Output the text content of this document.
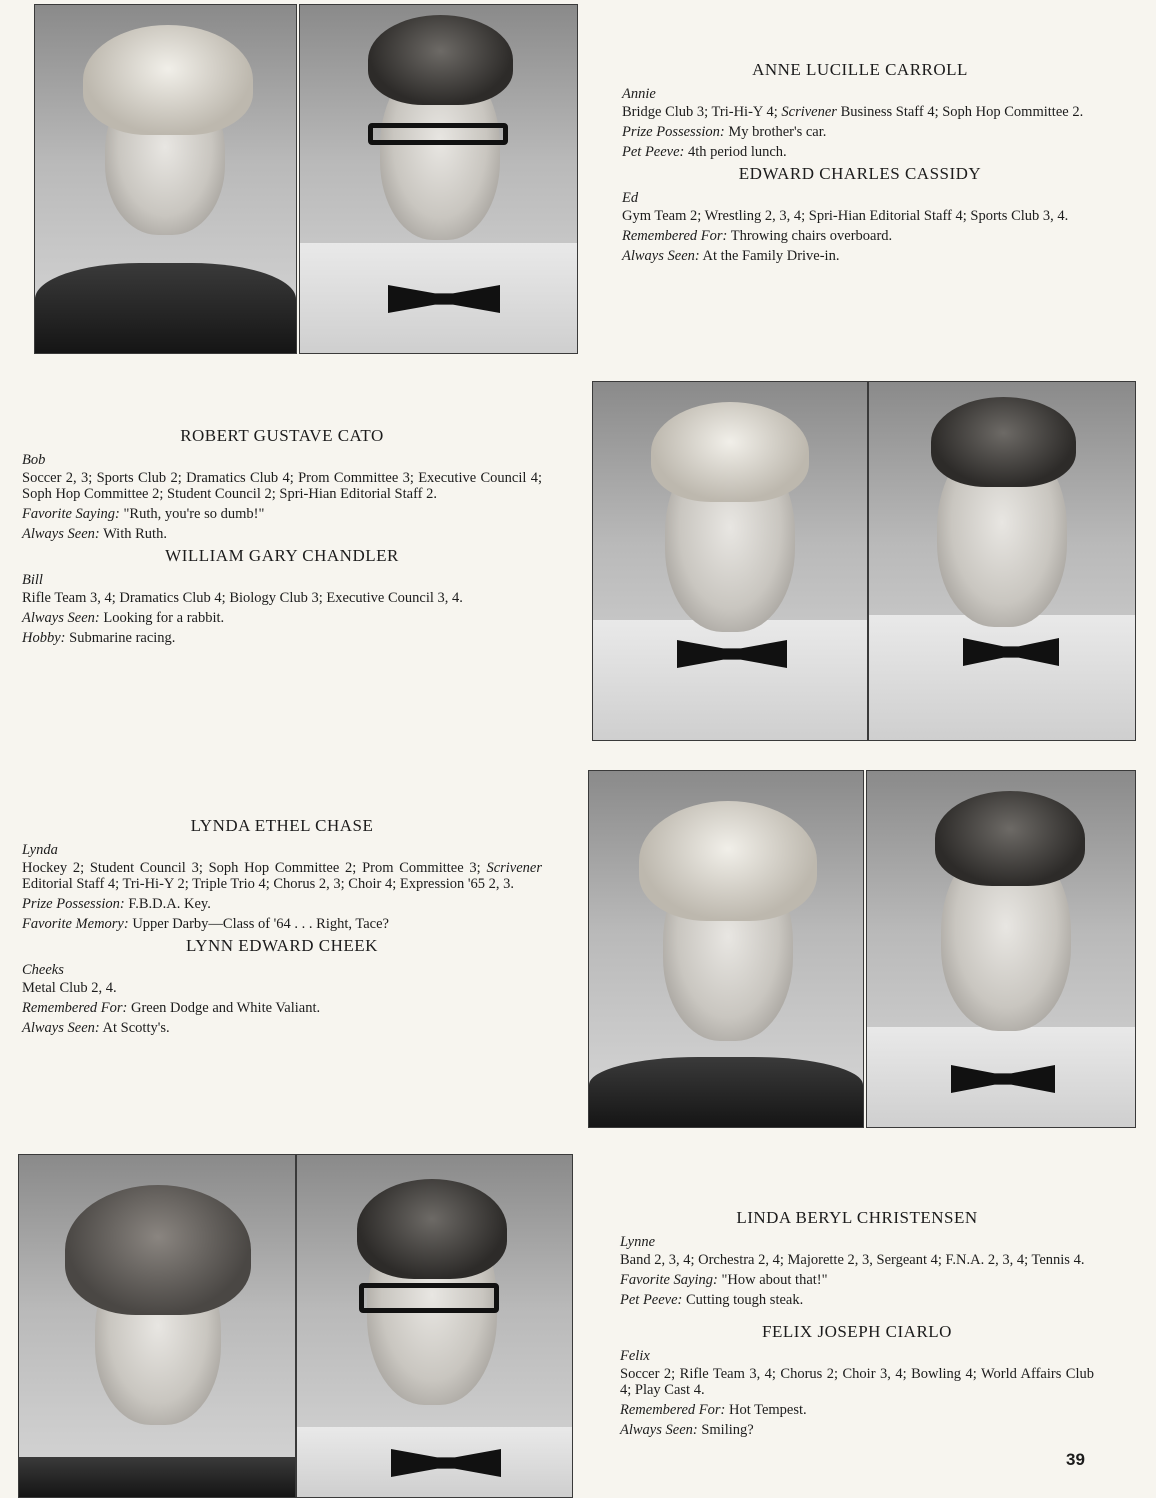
ANNE LUCILLE CARROLL
Annie
Bridge Club 3; Tri-Hi-Y 4; Scrivener Business Staff 4; Soph Hop Committee 2.
Prize Possession: My brother's car.
Pet Peeve: 4th period lunch.
EDWARD CHARLES CASSIDY
Ed
Gym Team 2; Wrestling 2, 3, 4; Spri-Hian Editorial Staff 4; Sports Club 3, 4.
Remembered For: Throwing chairs overboard.
Always Seen: At the Family Drive-in.
ROBERT GUSTAVE CATO
Bob
Soccer 2, 3; Sports Club 2; Dramatics Club 4; Prom Committee 3; Executive Council 4; Soph Hop Committee 2; Student Council 2; Spri-Hian Editorial Staff 2.
Favorite Saying: "Ruth, you're so dumb!"
Always Seen: With Ruth.
WILLIAM GARY CHANDLER
Bill
Rifle Team 3, 4; Dramatics Club 4; Biology Club 3; Executive Council 3, 4.
Always Seen: Looking for a rabbit.
Hobby: Submarine racing.
LYNDA ETHEL CHASE
Lynda
Hockey 2; Student Council 3; Soph Hop Committee 2; Prom Committee 3; Scrivener Editorial Staff 4; Tri-Hi-Y 2; Triple Trio 4; Chorus 2, 3; Choir 4; Expression '65 2, 3.
Prize Possession: F.B.D.A. Key.
Favorite Memory: Upper Darby—Class of '64 . . . Right, Tace?
LYNN EDWARD CHEEK
Cheeks
Metal Club 2, 4.
Remembered For: Green Dodge and White Valiant.
Always Seen: At Scotty's.
LINDA BERYL CHRISTENSEN
Lynne
Band 2, 3, 4; Orchestra 2, 4; Majorette 2, 3, Sergeant 4; F.N.A. 2, 3, 4; Tennis 4.
Favorite Saying: "How about that!"
Pet Peeve: Cutting tough steak.
FELIX JOSEPH CIARLO
Felix
Soccer 2; Rifle Team 3, 4; Chorus 2; Choir 3, 4; Bowling 4; World Affairs Club 4; Play Cast 4.
Remembered For: Hot Tempest.
Always Seen: Smiling?
39
